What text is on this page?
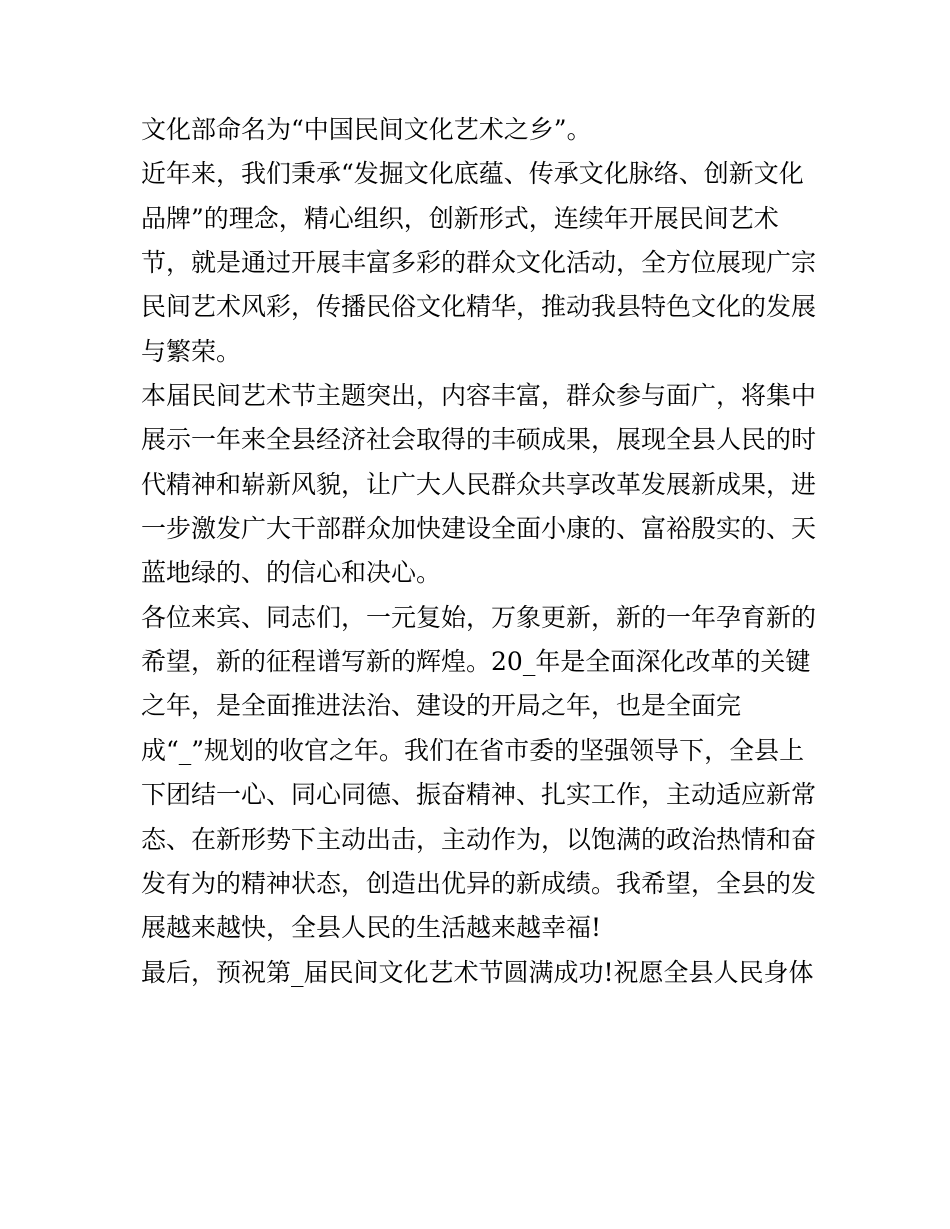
文化部命名为“中国民间文化艺术之乡”。
近年来，我们秉承“发掘文化底蕴、传承文化脉络、创新文化
品牌”的理念，精心组织，创新形式，连续年开展民间艺术
节，就是通过开展丰富多彩的群众文化活动，全方位展现广宗
民间艺术风彩，传播民俗文化精华，推动我县特色文化的发展
与繁荣。
本届民间艺术节主题突出，内容丰富，群众参与面广，将集中
展示一年来全县经济社会取得的丰硕成果，展现全县人民的时
代精神和崭新风貌，让广大人民群众共享改革发展新成果，进
一步激发广大干部群众加快建设全面小康的、富裕殷实的、天
蓝地绿的、的信心和决心。
各位来宾、同志们，一元复始，万象更新，新的一年孕育新的
希望，新的征程谱写新的辉煌。20_年是全面深化改革的关键
之年，是全面推进法治、建设的开局之年，也是全面完
成“_”规划的收官之年。我们在省市委的坚强领导下，全县上
下团结一心、同心同德、振奋精神、扎实工作，主动适应新常
态、在新形势下主动出击，主动作为，以饱满的政治热情和奋
发有为的精神状态，创造出优异的新成绩。我希望，全县的发
展越来越快，全县人民的生活越来越幸福!
最后，预祝第_届民间文化艺术节圆满成功!祝愿全县人民身体
